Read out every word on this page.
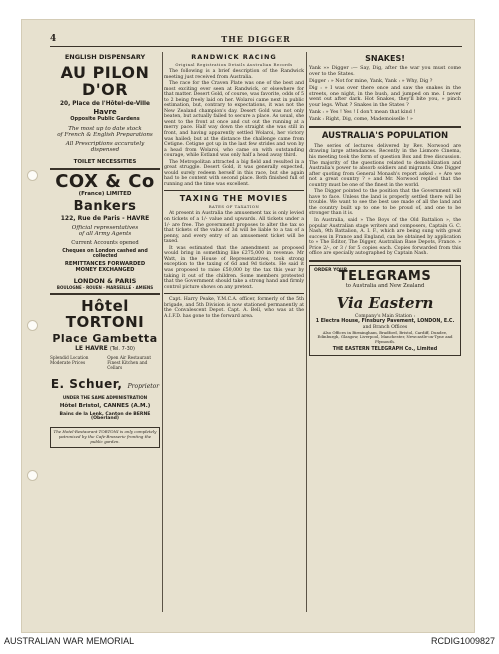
4	THE DIGGER

ENGLISH DISPENSARY

AU PILON D'OR

20, Place de l'Hôtel-de-Ville

Havre

Opposite Public Gardens

The most up to date stock

of French & English Preparations

All Prescriptions accurately

dispensed

TOILET NECESSITIES

COX & Co

(France) LIMITED

Bankers

122, Rue de Paris - HAVRE

Official representatives

of all Army Agents

Current Accounts opened

Cheques on London cashed and collected

REMITTANCES FORWARDED

MONEY EXCHANGED

LONDON & PARIS

BOULOGNE · ROUEN · MARSEILLE · AMIENS

Hôtel TORTONI

Place Gambetta

LE HAVRE (Tel. 7-30)

Splendid Location

Moderate Prices

Open Air Restaurant

Finest Kitchen and Cellars

E. Schuer, Proprietor

UNDER THE SAME ADMINISTRATION

Hôtel Bristol, CANNES (A.M.)

Bains de la Lenk, Canton de BERNE (Oberland)

The Hotel-Restaurant TORTONI is only completely patronized by the Cafe-Brasserie fronting the public garden.

RANDWICK RACING
Original Registration Details Australian Records

The following is a brief description of the Randwick meeting just received from Australia.

The race for the Craven Plate was one of the best and most exciting ever seen at Randwick, or elsewhere for that matter. Desert Gold, of course, was favorite, odds of 5 to 2 being freely laid on her. Wolaroi came next in public estimation, but, contrary to expectations, it was not the New Zealand champion's day. Desert Gold was not only beaten, but actually failed to secure a place. As usual, she went to the front at once and cut out the running at a merry pace. Half way down the straight she was still in front, and having apparently settled Wolaroi, her victory was hailed; but at the distance the challenge came from Cetigne. Cetigne got up in the last few strides and won by a head from Wolaroi, who came on with outstanding courage, while Estland was only half a head away third.

The Metropolitan attracted a big field and resulted in a great struggle. Desert Gold, it was generally expected, would surely redeem herself in this race, but she again had to be content with second place. Both finished full of running and the time was excellent.

TAXING THE MOVIES
RATES OF TAXATION

At present in Australia the amusement tax is only levied on tickets of a 1/- value and upwards. All tickets under a 1/- are free. The government proposes to alter the tax so that tickets of the value of 3d will be liable to a tax of a penny, and every entry of an amusement ticket will be taxed.

It was estimated that the amendment as proposed would bring in something like £275,000 in revenue. Mr Watt, in the House of Representatives, took strong exception to the taxing of 6d and 9d tickets. He said it was proposed to raise £50,000 by the tax this year by taking it out of the children. Some members protested that the Government should take a strong hand and firmly control picture shows on any pretext.

Capt. Harry Peake, Y.M.C.A. officer, formerly of the 5th brigade, and 5th Division is now stationed permanently at the Convalescent Depot. Capt. A. Bell, who was at the A.I.F.D. has gone to the forward area.

SNAKES!

Yank »» Digger :— Say, Dig, after the war you must come over to the States.

Digger : » Not for mine, Yank, Yank : » Why, Dig ?

Dig : » I was over there once and saw the snakes in the streets, one night, in the bush, and jumped on me. I never went out after dark. Hot Snakes, they'll bite you, » pinch your legs. What ? Snakes in the States ?

Yank : » Yes ! Yes ! I don't mean that kind !

Yank : Right, Dig, come, Mademoiselle ! »

AUSTRALIA'S POPULATION

The series of lectures delivered by Rev. Norwood are drawing large attendances. Recently in the Lismore Cinema, his meeting took the form of question Box and free discussion. The majority of the questions related to demobilization and Australia's power to absorb soldiers and migrants. One Digger after quoting from General Monash's report asked : » Are we not a great country ? » and Mr. Norwood replied that the country must be one of the finest in the world.

The Digger pointed to the position that the Government will have to face. Unless the land is properly settled there will be trouble. We want to see the best use made of all the land and the country built up to one to be proud of, and one to be stronger than it is.

In Australia, said » The Boys of the Old Battalion », the popular Australian stage writers and composers, Captain G. C. Nash, 9th Battalion, A. I. F., which are being sung with great success in France and England, can be obtained by application to » The Editor, The Digger, Australian Base Depots, France. » Price 2/-, or 3 / for 5 copies each. Copies forwarded from this office are specially autographed by Captain Nash.

ORDER YOUR

TELEGRAMS

to Australia and New Zealand

Via Eastern

Company's Main Station :

1 Electra House, Finsbury Pavement, LONDON, E.C.

and Branch Offices

Also Offices in Birmingham, Bradford, Bristol, Cardiff, Dundee, Edinburgh, Glasgow, Liverpool, Manchester, Newcastle-on-Tyne and Plymouth.

THE EASTERN TELEGRAPH Co., Limited

AUSTRALIAN WAR MEMORIAL	RCDIG1009827
